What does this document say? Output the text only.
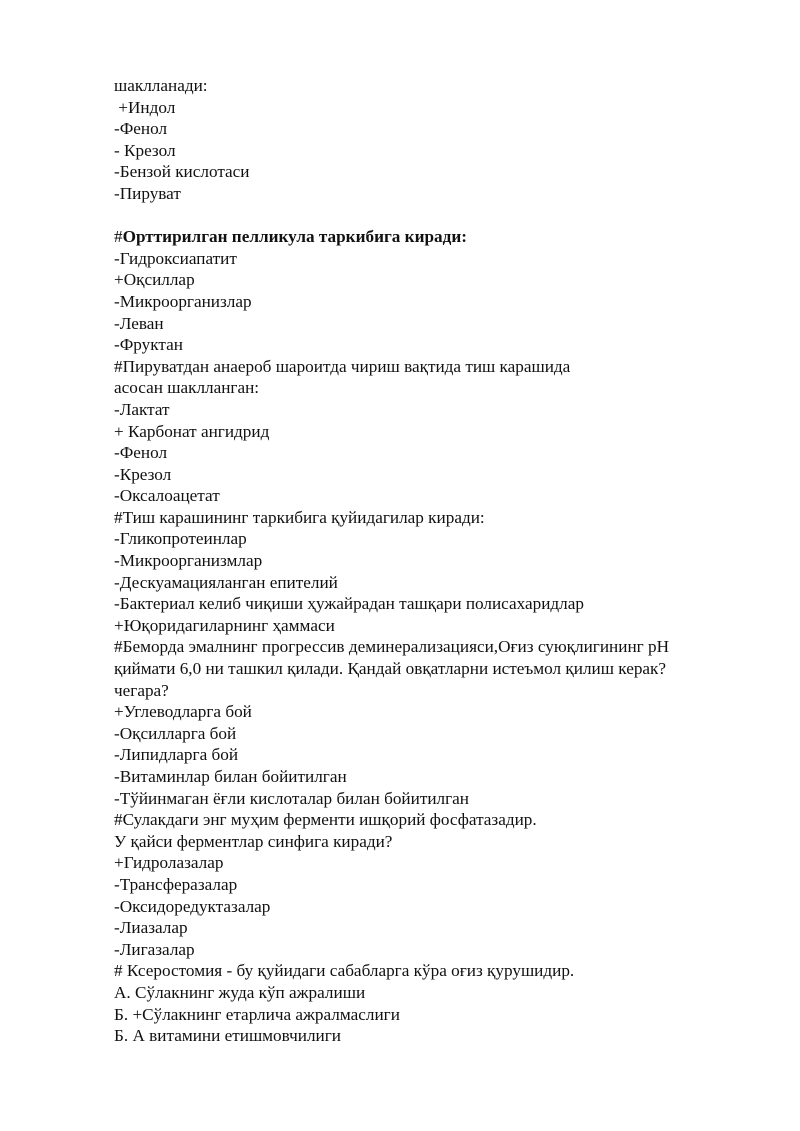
шаклланади:
+Индол
-Фенол
- Крезол
-Бензой кислотаси
-Пируват
#Орттирилган пелликула таркибига киради:
-Гидроксиапатит
+Оқсиллар
-Микроорганизлар
-Леван
-Фруктан
#Пируватдан анаероб шароитда чириш вақтида тиш карашида
асосан шаклланган:
-Лактат
+ Карбонат ангидрид
-Фенол
-Крезол
-Оксалоацетат
#Тиш карашининг таркибига қуйидагилар киради:
-Гликопротеинлар
-Микроорганизмлар
-Дескуамацияланган епителий
-Бактериал келиб чиқиши ҳужайрадан ташқари полисахаридлар
+Юқоридагиларнинг ҳаммаси
#Беморда эмалнинг прогрессив деминерализацияси,Оғиз суюқлигининг pH
қиймати 6,0 ни ташкил қилади. Қандай овқатларни истеъмол қилиш керак?
чегара?
+Углеводларга бой
-Оқсилларга бой
-Липидларга бой
-Витаминлар билан бойитилган
-Тўйинмаган ёғли кислоталар билан бойитилган
#Сулакдаги энг муҳим ферменти ишқорий фосфатазадир.
У қайси ферментлар синфига киради?
+Гидролазалар
-Трансферазалар
-Оксидоредуктазалар
-Лиазалар
-Лигазалар
# Ксеростомия - бу қуйидаги сабабларга кўра оғиз қурушидир.
А. Сўлакнинг жуда кўп ажралиши
Б. +Сўлакнинг етарлича ажралмаслиги
Б. А витамини етишмовчилиги
